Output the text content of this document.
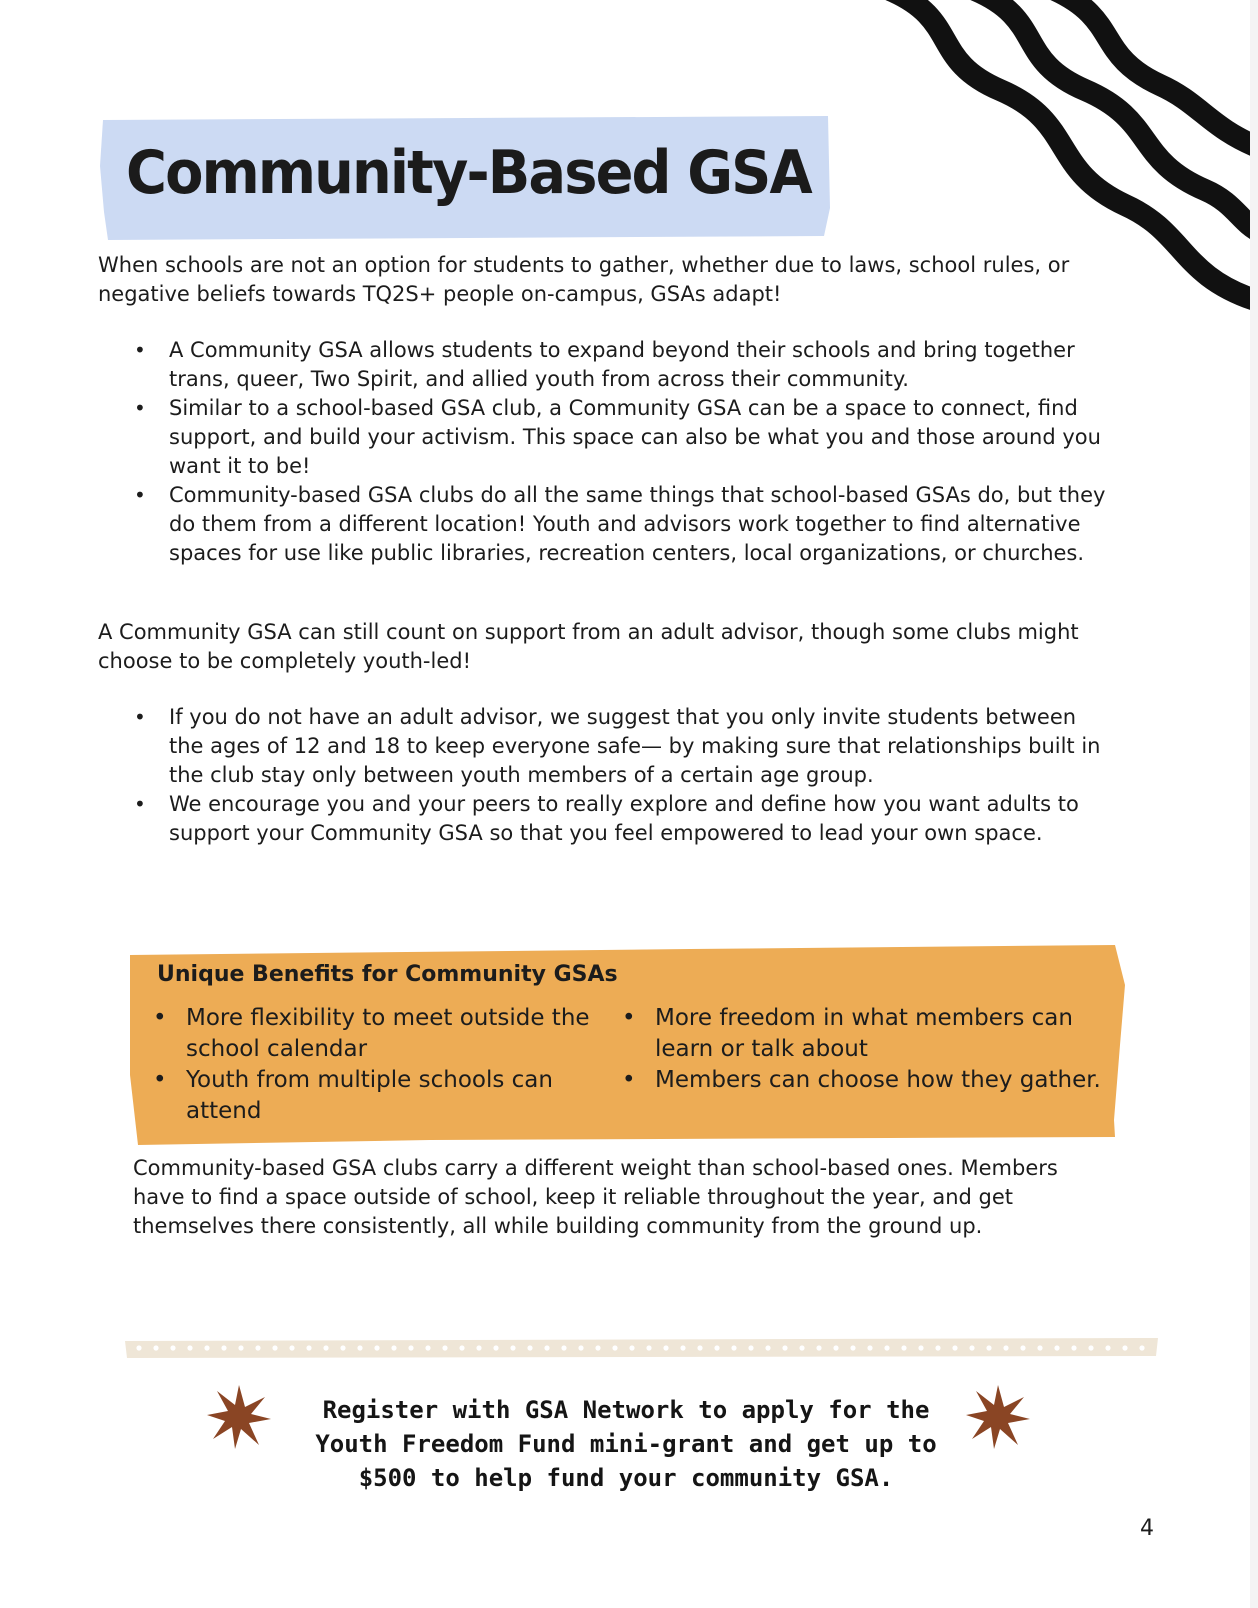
Community-Based GSA

When schools are not an option for students to gather, whether due to laws, school rules, or negative beliefs towards TQ2S+ people on-campus, GSAs adapt!

• A Community GSA allows students to expand beyond their schools and bring together trans, queer, Two Spirit, and allied youth from across their community.
• Similar to a school-based GSA club, a Community GSA can be a space to connect, find support, and build your activism. This space can also be what you and those around you want it to be!
• Community-based GSA clubs do all the same things that school-based GSAs do, but they do them from a different location! Youth and advisors work together to find alternative spaces for use like public libraries, recreation centers, local organizations, or churches.

A Community GSA can still count on support from an adult advisor, though some clubs might choose to be completely youth-led!

• If you do not have an adult advisor, we suggest that you only invite students between the ages of 12 and 18 to keep everyone safe— by making sure that relationships built in the club stay only between youth members of a certain age group.
• We encourage you and your peers to really explore and define how you want adults to support your Community GSA so that you feel empowered to lead your own space.
Unique Benefits for Community GSAs
• More flexibility to meet outside the school calendar
• Youth from multiple schools can attend
• More freedom in what members can learn or talk about
• Members can choose how they gather.

Community-based GSA clubs carry a different weight than school-based ones. Members have to find a space outside of school, keep it reliable throughout the year, and get themselves there consistently, all while building community from the ground up.

Register with GSA Network to apply for the
Youth Freedom Fund mini-grant and get up to
$500 to help fund your community GSA.

4
